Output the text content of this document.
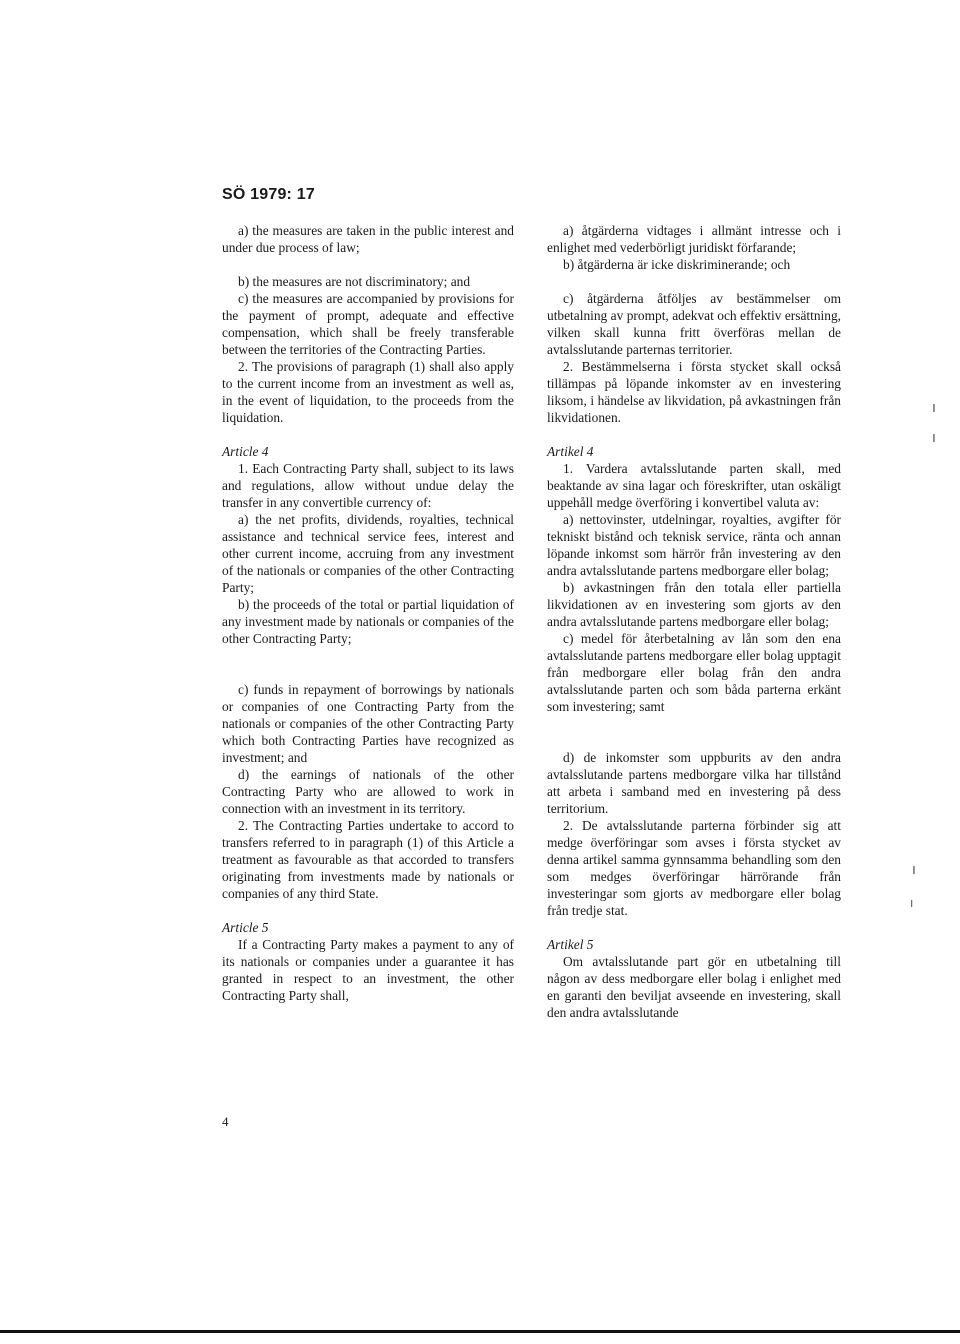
SÖ 1979: 17

a) the measures are taken in the public interest and under due process of law;

b) the measures are not discriminatory; and

c) the measures are accompanied by provisions for the payment of prompt, adequate and effective compensation, which shall be freely transferable between the territories of the Contracting Parties.

2. The provisions of paragraph (1) shall also apply to the current income from an investment as well as, in the event of liquidation, to the proceeds from the liquidation.

Article 4

1. Each Contracting Party shall, subject to its laws and regulations, allow without undue delay the transfer in any convertible currency of:

a) the net profits, dividends, royalties, technical assistance and technical service fees, interest and other current income, accruing from any investment of the nationals or companies of the other Contracting Party;

b) the proceeds of the total or partial liquidation of any investment made by nationals or companies of the other Contracting Party;

c) funds in repayment of borrowings by nationals or companies of one Contracting Party from the nationals or companies of the other Contracting Party which both Contracting Parties have recognized as investment; and

d) the earnings of nationals of the other Contracting Party who are allowed to work in connection with an investment in its territory.

2. The Contracting Parties undertake to accord to transfers referred to in paragraph (1) of this Article a treatment as favourable as that accorded to transfers originating from investments made by nationals or companies of any third State.

Article 5

If a Contracting Party makes a payment to any of its nationals or companies under a guarantee it has granted in respect to an investment, the other Contracting Party shall,

a) åtgärderna vidtages i allmänt intresse och i enlighet med vederbörligt juridiskt förfarande;

b) åtgärderna är icke diskriminerande; och

c) åtgärderna åtföljes av bestämmelser om utbetalning av prompt, adekvat och effektiv ersättning, vilken skall kunna fritt överföras mellan de avtalsslutande parternas territorier.

2. Bestämmelserna i första stycket skall också tillämpas på löpande inkomster av en investering liksom, i händelse av likvidation, på avkastningen från likvidationen.

Artikel 4

1. Vardera avtalsslutande parten skall, med beaktande av sina lagar och föreskrifter, utan oskäligt uppehåll medge överföring i konvertibel valuta av:

a) nettovinster, utdelningar, royalties, avgifter för tekniskt bistånd och teknisk service, ränta och annan löpande inkomst som härrör från investering av den andra avtalsslutande partens medborgare eller bolag;

b) avkastningen från den totala eller partiella likvidationen av en investering som gjorts av den andra avtalsslutande partens medborgare eller bolag;

c) medel för återbetalning av lån som den ena avtalsslutande partens medborgare eller bolag upptagit från medborgare eller bolag från den andra avtalsslutande parten och som båda parterna erkänt som investering; samt

d) de inkomster som uppburits av den andra avtalsslutande partens medborgare vilka har tillstånd att arbeta i samband med en investering på dess territorium.

2. De avtalsslutande parterna förbinder sig att medge överföringar som avses i första stycket av denna artikel samma gynnsamma behandling som den som medges överföringar härrörande från investeringar som gjorts av medborgare eller bolag från tredje stat.

Artikel 5

Om avtalsslutande part gör en utbetalning till någon av dess medborgare eller bolag i enlighet med en garanti den beviljat avseende en investering, skall den andra avtalsslutande

4
ı
ı
ı
ı
